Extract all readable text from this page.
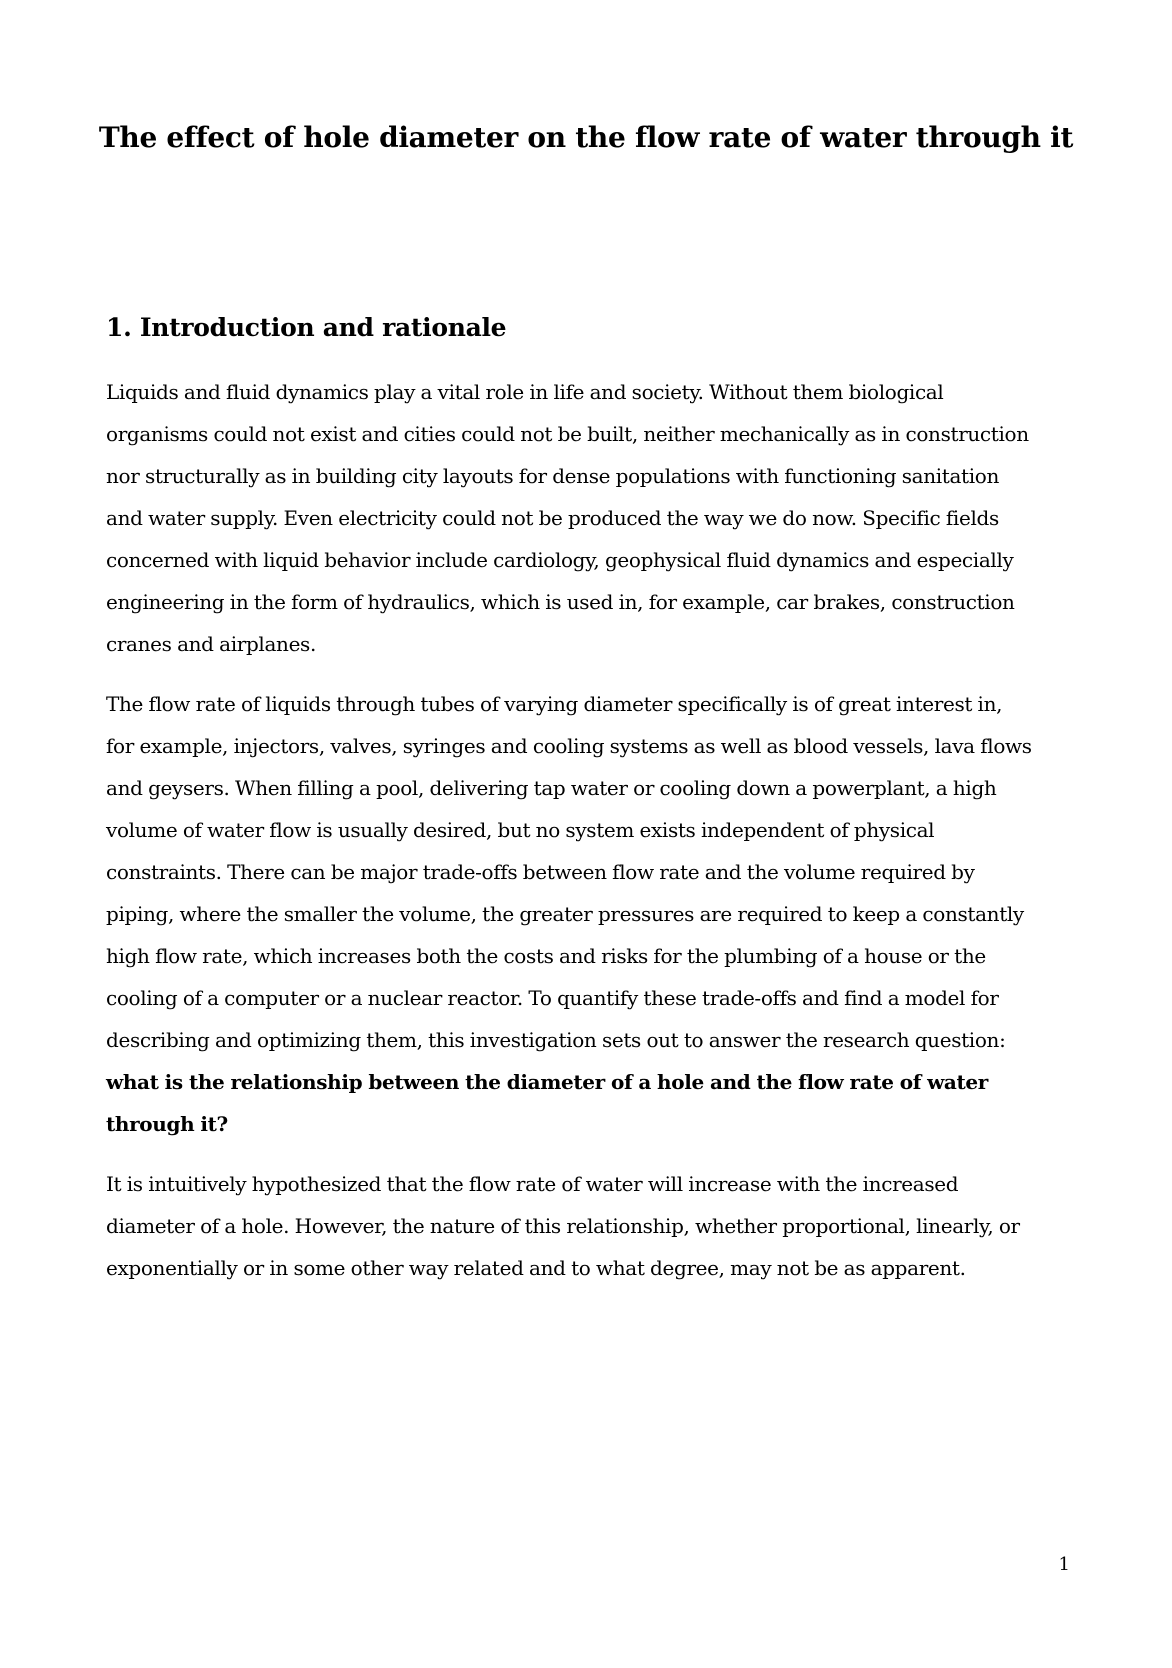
The effect of hole diameter on the flow rate of water through it
1. Introduction and rationale

Liquids and fluid dynamics play a vital role in life and society. Without them biological
organisms could not exist and cities could not be built, neither mechanically as in construction
nor structurally as in building city layouts for dense populations with functioning sanitation
and water supply. Even electricity could not be produced the way we do now. Specific fields
concerned with liquid behavior include cardiology, geophysical fluid dynamics and especially
engineering in the form of hydraulics, which is used in, for example, car brakes, construction
cranes and airplanes.

The flow rate of liquids through tubes of varying diameter specifically is of great interest in,
for example, injectors, valves, syringes and cooling systems as well as blood vessels, lava flows
and geysers. When filling a pool, delivering tap water or cooling down a powerplant, a high
volume of water flow is usually desired, but no system exists independent of physical
constraints. There can be major trade-offs between flow rate and the volume required by
piping, where the smaller the volume, the greater pressures are required to keep a constantly
high flow rate, which increases both the costs and risks for the plumbing of a house or the
cooling of a computer or a nuclear reactor. To quantify these trade-offs and find a model for
describing and optimizing them, this investigation sets out to answer the research question:
what is the relationship between the diameter of a hole and the flow rate of water
through it?

It is intuitively hypothesized that the flow rate of water will increase with the increased
diameter of a hole. However, the nature of this relationship, whether proportional, linearly, or
exponentially or in some other way related and to what degree, may not be as apparent.

1
